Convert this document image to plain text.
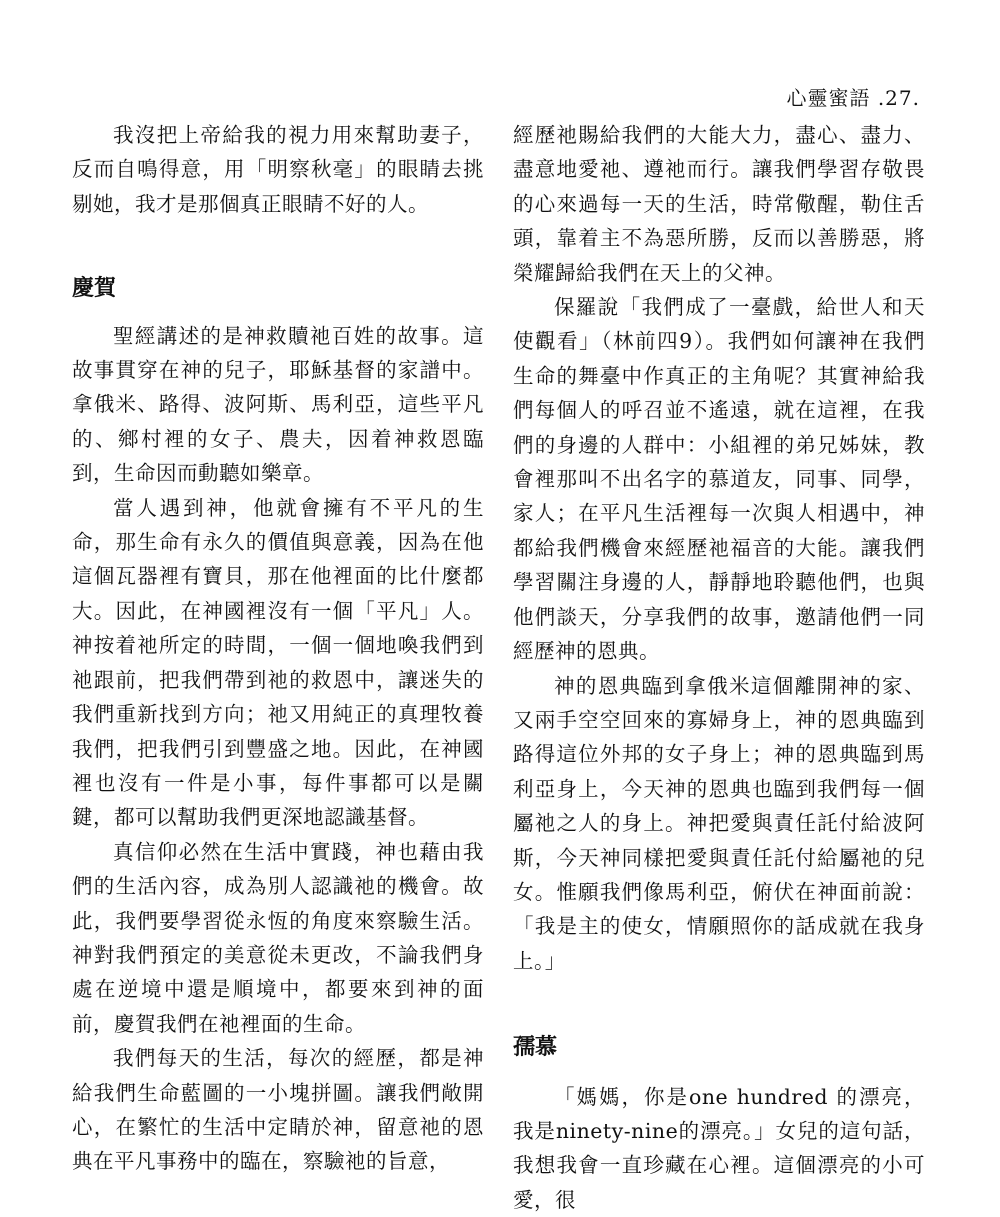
心靈蜜語 .27.

我沒把上帝給我的視力用來幫助妻子，反而自鳴得意，用「明察秋毫」的眼睛去挑剔她，我才是那個真正眼睛不好的人。

慶賀

聖經講述的是神救贖祂百姓的故事。這故事貫穿在神的兒子，耶穌基督的家譜中。拿俄米、路得、波阿斯、馬利亞，這些平凡的、鄉村裡的女子、農夫，因着神救恩臨到，生命因而動聽如樂章。

當人遇到神，他就會擁有不平凡的生命，那生命有永久的價值與意義，因為在他這個瓦器裡有寶貝，那在他裡面的比什麼都大。因此，在神國裡沒有一個「平凡」人。神按着祂所定的時間，一個一個地喚我們到祂跟前，把我們帶到祂的救恩中，讓迷失的我們重新找到方向；祂又用純正的真理牧養我們，把我們引到豐盛之地。因此，在神國裡也沒有一件是小事，每件事都可以是關鍵，都可以幫助我們更深地認識基督。

真信仰必然在生活中實踐，神也藉由我們的生活內容，成為別人認識祂的機會。故此，我們要學習從永恆的角度來察驗生活。神對我們預定的美意從未更改，不論我們身處在逆境中還是順境中，都要來到神的面前，慶賀我們在祂裡面的生命。

我們每天的生活，每次的經歷，都是神給我們生命藍圖的一小塊拼圖。讓我們敞開心，在繁忙的生活中定睛於神，留意祂的恩典在平凡事務中的臨在，察驗祂的旨意，

經歷祂賜給我們的大能大力，盡心、盡力、盡意地愛祂、遵祂而行。讓我們學習存敬畏的心來過每一天的生活，時常儆醒，勒住舌頭，靠着主不為惡所勝，反而以善勝惡，將榮耀歸給我們在天上的父神。

保羅說「我們成了一臺戲，給世人和天使觀看」（林前四9）。我們如何讓神在我們生命的舞臺中作真正的主角呢？其實神給我們每個人的呼召並不遙遠，就在這裡，在我們的身邊的人群中：小組裡的弟兄姊妹，教會裡那叫不出名字的慕道友，同事、同學，家人；在平凡生活裡每一次與人相遇中，神都給我們機會來經歷祂福音的大能。讓我們學習關注身邊的人，靜靜地聆聽他們，也與他們談天，分享我們的故事，邀請他們一同經歷神的恩典。

神的恩典臨到拿俄米這個離開神的家、又兩手空空回來的寡婦身上，神的恩典臨到路得這位外邦的女子身上；神的恩典臨到馬利亞身上，今天神的恩典也臨到我們每一個屬祂之人的身上。神把愛與責任託付給波阿斯，今天神同樣把愛與責任託付給屬祂的兒女。惟願我們像馬利亞，俯伏在神面前說：「我是主的使女，情願照你的話成就在我身上。」

孺慕

「媽媽，你是one hundred 的漂亮，我是ninety-nine的漂亮。」女兒的這句話，我想我會一直珍藏在心裡。這個漂亮的小可愛，很
